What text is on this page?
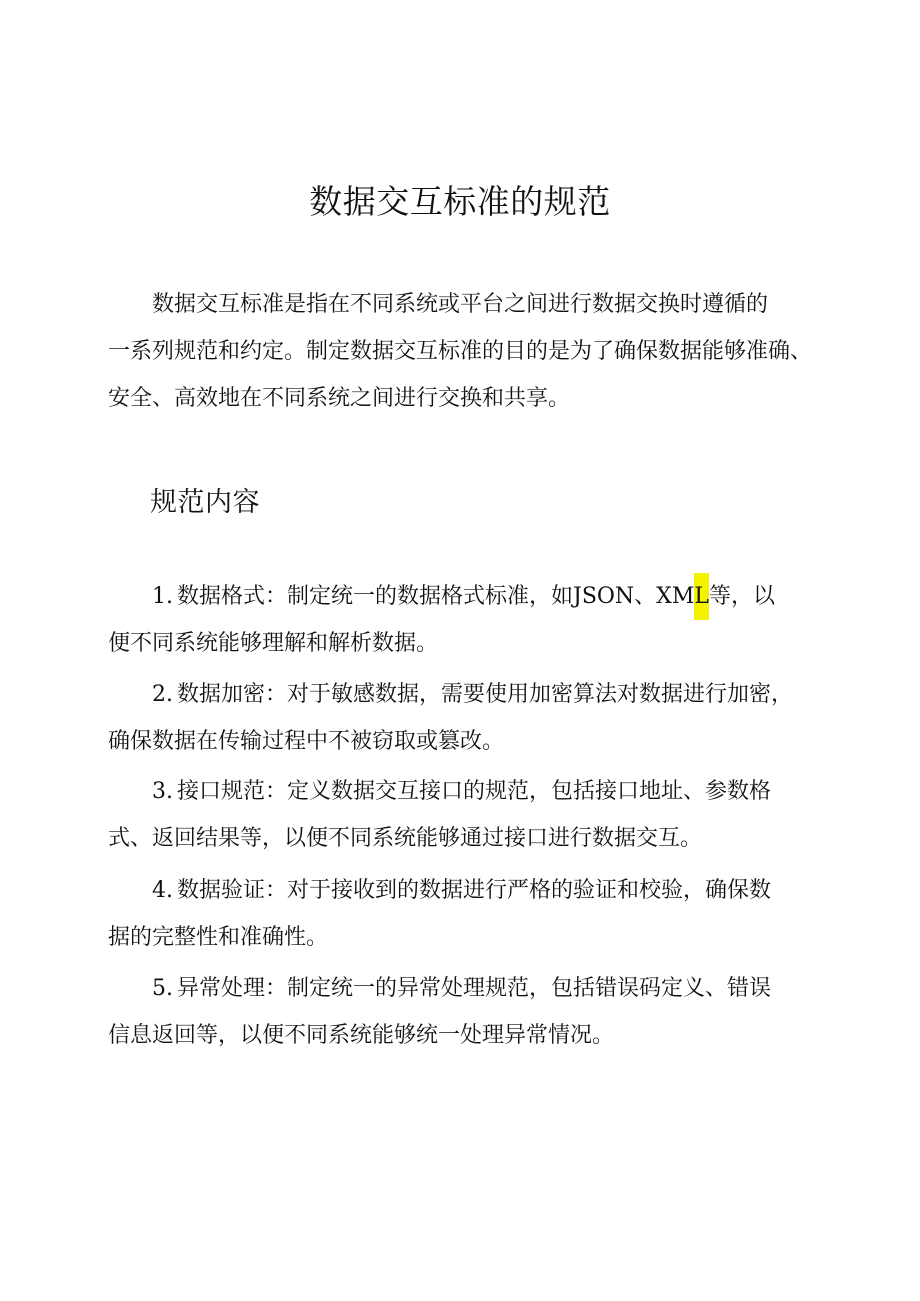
数据交互标准的规范
数据交互标准是指在不同系统或平台之间进行数据交换时遵循的
一系列规范和约定。制定数据交互标准的目的是为了确保数据能够准确、
安全、高效地在不同系统之间进行交换和共享。
规范内容
1. 数据格式：制定统一的数据格式标准，如JSON、XML等，以
便不同系统能够理解和解析数据。
2. 数据加密：对于敏感数据，需要使用加密算法对数据进行加密，
确保数据在传输过程中不被窃取或篡改。
3. 接口规范：定义数据交互接口的规范，包括接口地址、参数格
式、返回结果等，以便不同系统能够通过接口进行数据交互。
4. 数据验证：对于接收到的数据进行严格的验证和校验，确保数
据的完整性和准确性。
5. 异常处理：制定统一的异常处理规范，包括错误码定义、错误
信息返回等，以便不同系统能够统一处理异常情况。
